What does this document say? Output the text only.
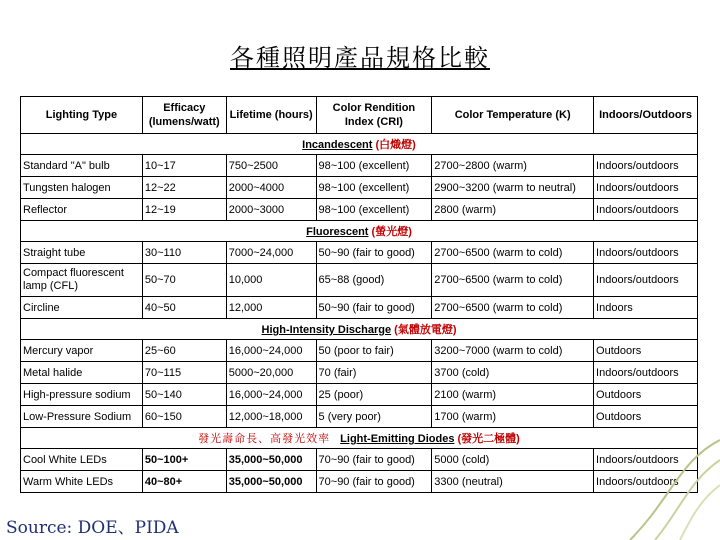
各種照明產品規格比較
Lighting Type	Efficacy (lumens/watt)	Lifetime (hours)	Color Rendition Index (CRI)	Color Temperature (K)	Indoors/Outdoors
Incandescent (白熾燈)					
Standard "A" bulb	10~17	750~2500	98~100 (excellent)	2700~2800 (warm)	Indoors/outdoors
Tungsten halogen	12~22	2000~4000	98~100 (excellent)	2900~3200 (warm to neutral)	Indoors/outdoors
Reflector	12~19	2000~3000	98~100 (excellent)	2800 (warm)	Indoors/outdoors
Fluorescent (螢光燈)					
Straight tube	30~110	7000~24,000	50~90 (fair to good)	2700~6500 (warm to cold)	Indoors/outdoors
Compact fluorescent lamp (CFL)	50~70	10,000	65~88 (good)	2700~6500 (warm to cold)	Indoors/outdoors
Circline	40~50	12,000	50~90 (fair to good)	2700~6500 (warm to cold)	Indoors
High-Intensity Discharge (氣體放電燈)					
Mercury vapor	25~60	16,000~24,000	50 (poor to fair)	3200~7000 (warm to cold)	Outdoors
Metal halide	70~115	5000~20,000	70 (fair)	3700 (cold)	Indoors/outdoors
High-pressure sodium	50~140	16,000~24,000	25 (poor)	2100 (warm)	Outdoors
Low-Pressure Sodium	60~150	12,000~18,000	5 (very poor)	1700 (warm)	Outdoors
發光壽命長、高發光效率 Light-Emitting Diodes (發光二極體)					
Cool White LEDs	50~100+	35,000~50,000	70~90 (fair to good)	5000 (cold)	Indoors/outdoors
Warm White LEDs	40~80+	35,000~50,000	70~90 (fair to good)	3300 (neutral)	Indoors/outdoors
Source: DOE、PIDA
